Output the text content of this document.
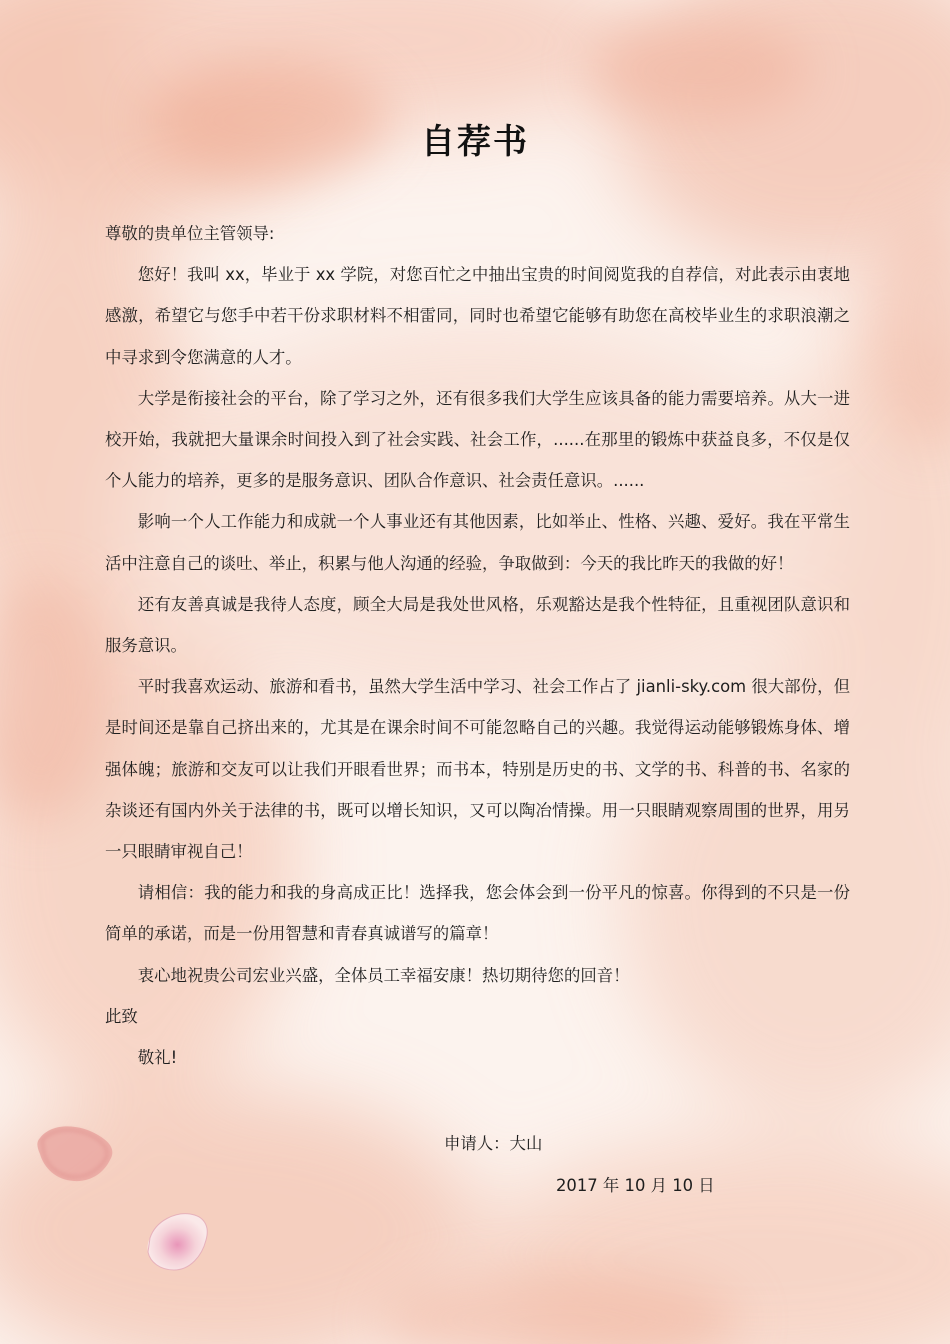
自荐书

尊敬的贵单位主管领导:

您好！我叫 xx，毕业于 xx 学院，对您百忙之中抽出宝贵的时间阅览我的自荐信，对此表示由衷地感激，希望它与您手中若干份求职材料不相雷同，同时也希望它能够有助您在高校毕业生的求职浪潮之中寻求到令您满意的人才。

大学是衔接社会的平台，除了学习之外，还有很多我们大学生应该具备的能力需要培养。从大一进校开始，我就把大量课余时间投入到了社会实践、社会工作，......在那里的锻炼中获益良多，不仅是仅个人能力的培养，更多的是服务意识、团队合作意识、社会责任意识。......

影响一个人工作能力和成就一个人事业还有其他因素，比如举止、性格、兴趣、爱好。我在平常生活中注意自己的谈吐、举止，积累与他人沟通的经验，争取做到：今天的我比昨天的我做的好！

还有友善真诚是我待人态度，顾全大局是我处世风格，乐观豁达是我个性特征，且重视团队意识和服务意识。

平时我喜欢运动、旅游和看书，虽然大学生活中学习、社会工作占了 jianli-sky.com 很大部份，但是时间还是靠自己挤出来的，尤其是在课余时间不可能忽略自己的兴趣。我觉得运动能够锻炼身体、增强体魄；旅游和交友可以让我们开眼看世界；而书本，特别是历史的书、文学的书、科普的书、名家的杂谈还有国内外关于法律的书，既可以增长知识，又可以陶冶情操。用一只眼睛观察周围的世界，用另一只眼睛审视自己！

请相信：我的能力和我的身高成正比！选择我，您会体会到一份平凡的惊喜。你得到的不只是一份简单的承诺，而是一份用智慧和青春真诚谱写的篇章！

衷心地祝贵公司宏业兴盛，全体员工幸福安康！热切期待您的回音！

此致

敬礼!

申请人：大山
2017 年 10 月 10 日
